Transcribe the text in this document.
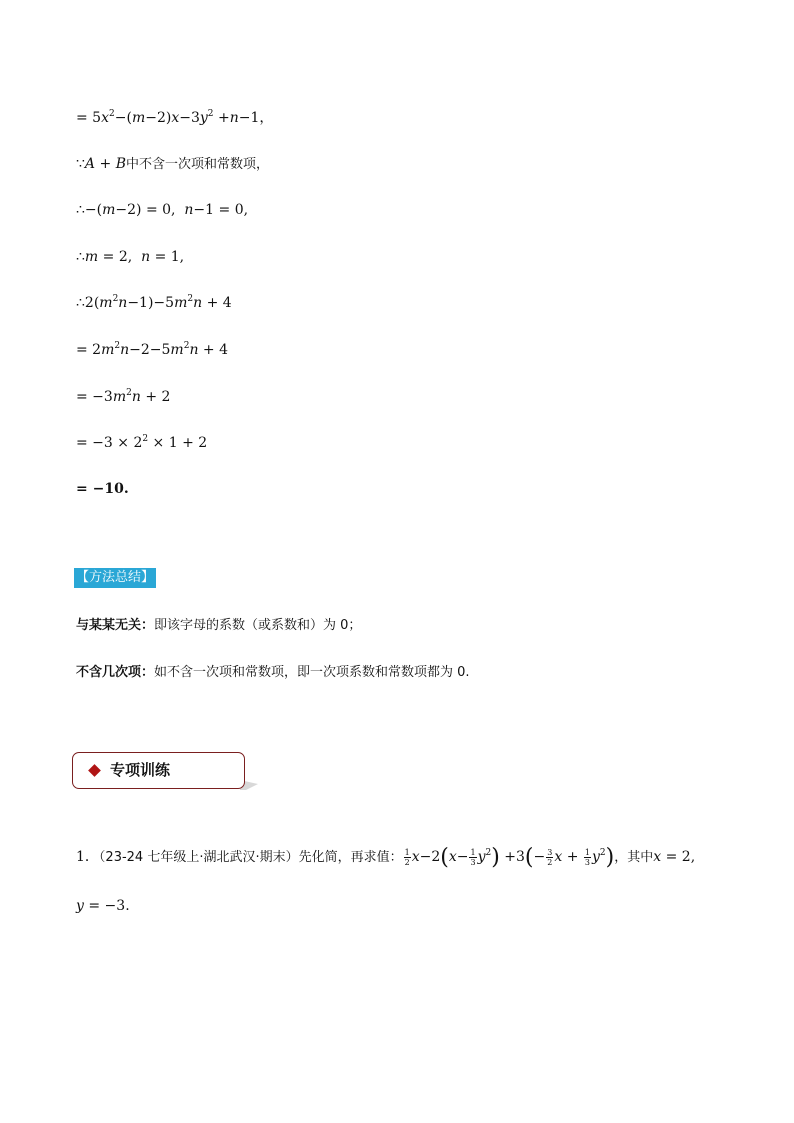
= $5x^2-(m-2)x-3y^2 +n-1$，
∵A + B中不含一次项和常数项，
∴−(m−2) = 0,  n−1 = 0,
∴m = 2,  n = 1,
$\therefore 2(m^2n-1)-5m^2n + 4$
= $2m^2n-2-5m^2n + 4$
= $-3m^2n + 2$
= $-3 \times 2^2 \times 1 + 2$
= −10.
【方法总结】
与某某无关：即该字母的系数（或系数和）为 0；
不含几次项：如不含一次项和常数项，即一次项系数和常数项都为 0.
专项训练
1．（23-24 七年级上·湖北武汉·期末）先化简，再求值： $\frac{1}{2} x-2(x- \frac{1}{3} y^2) +3(- \frac{3}{2}$ $x + \frac{1}{3} y^2$)，其中x = 2,
y = −3.
